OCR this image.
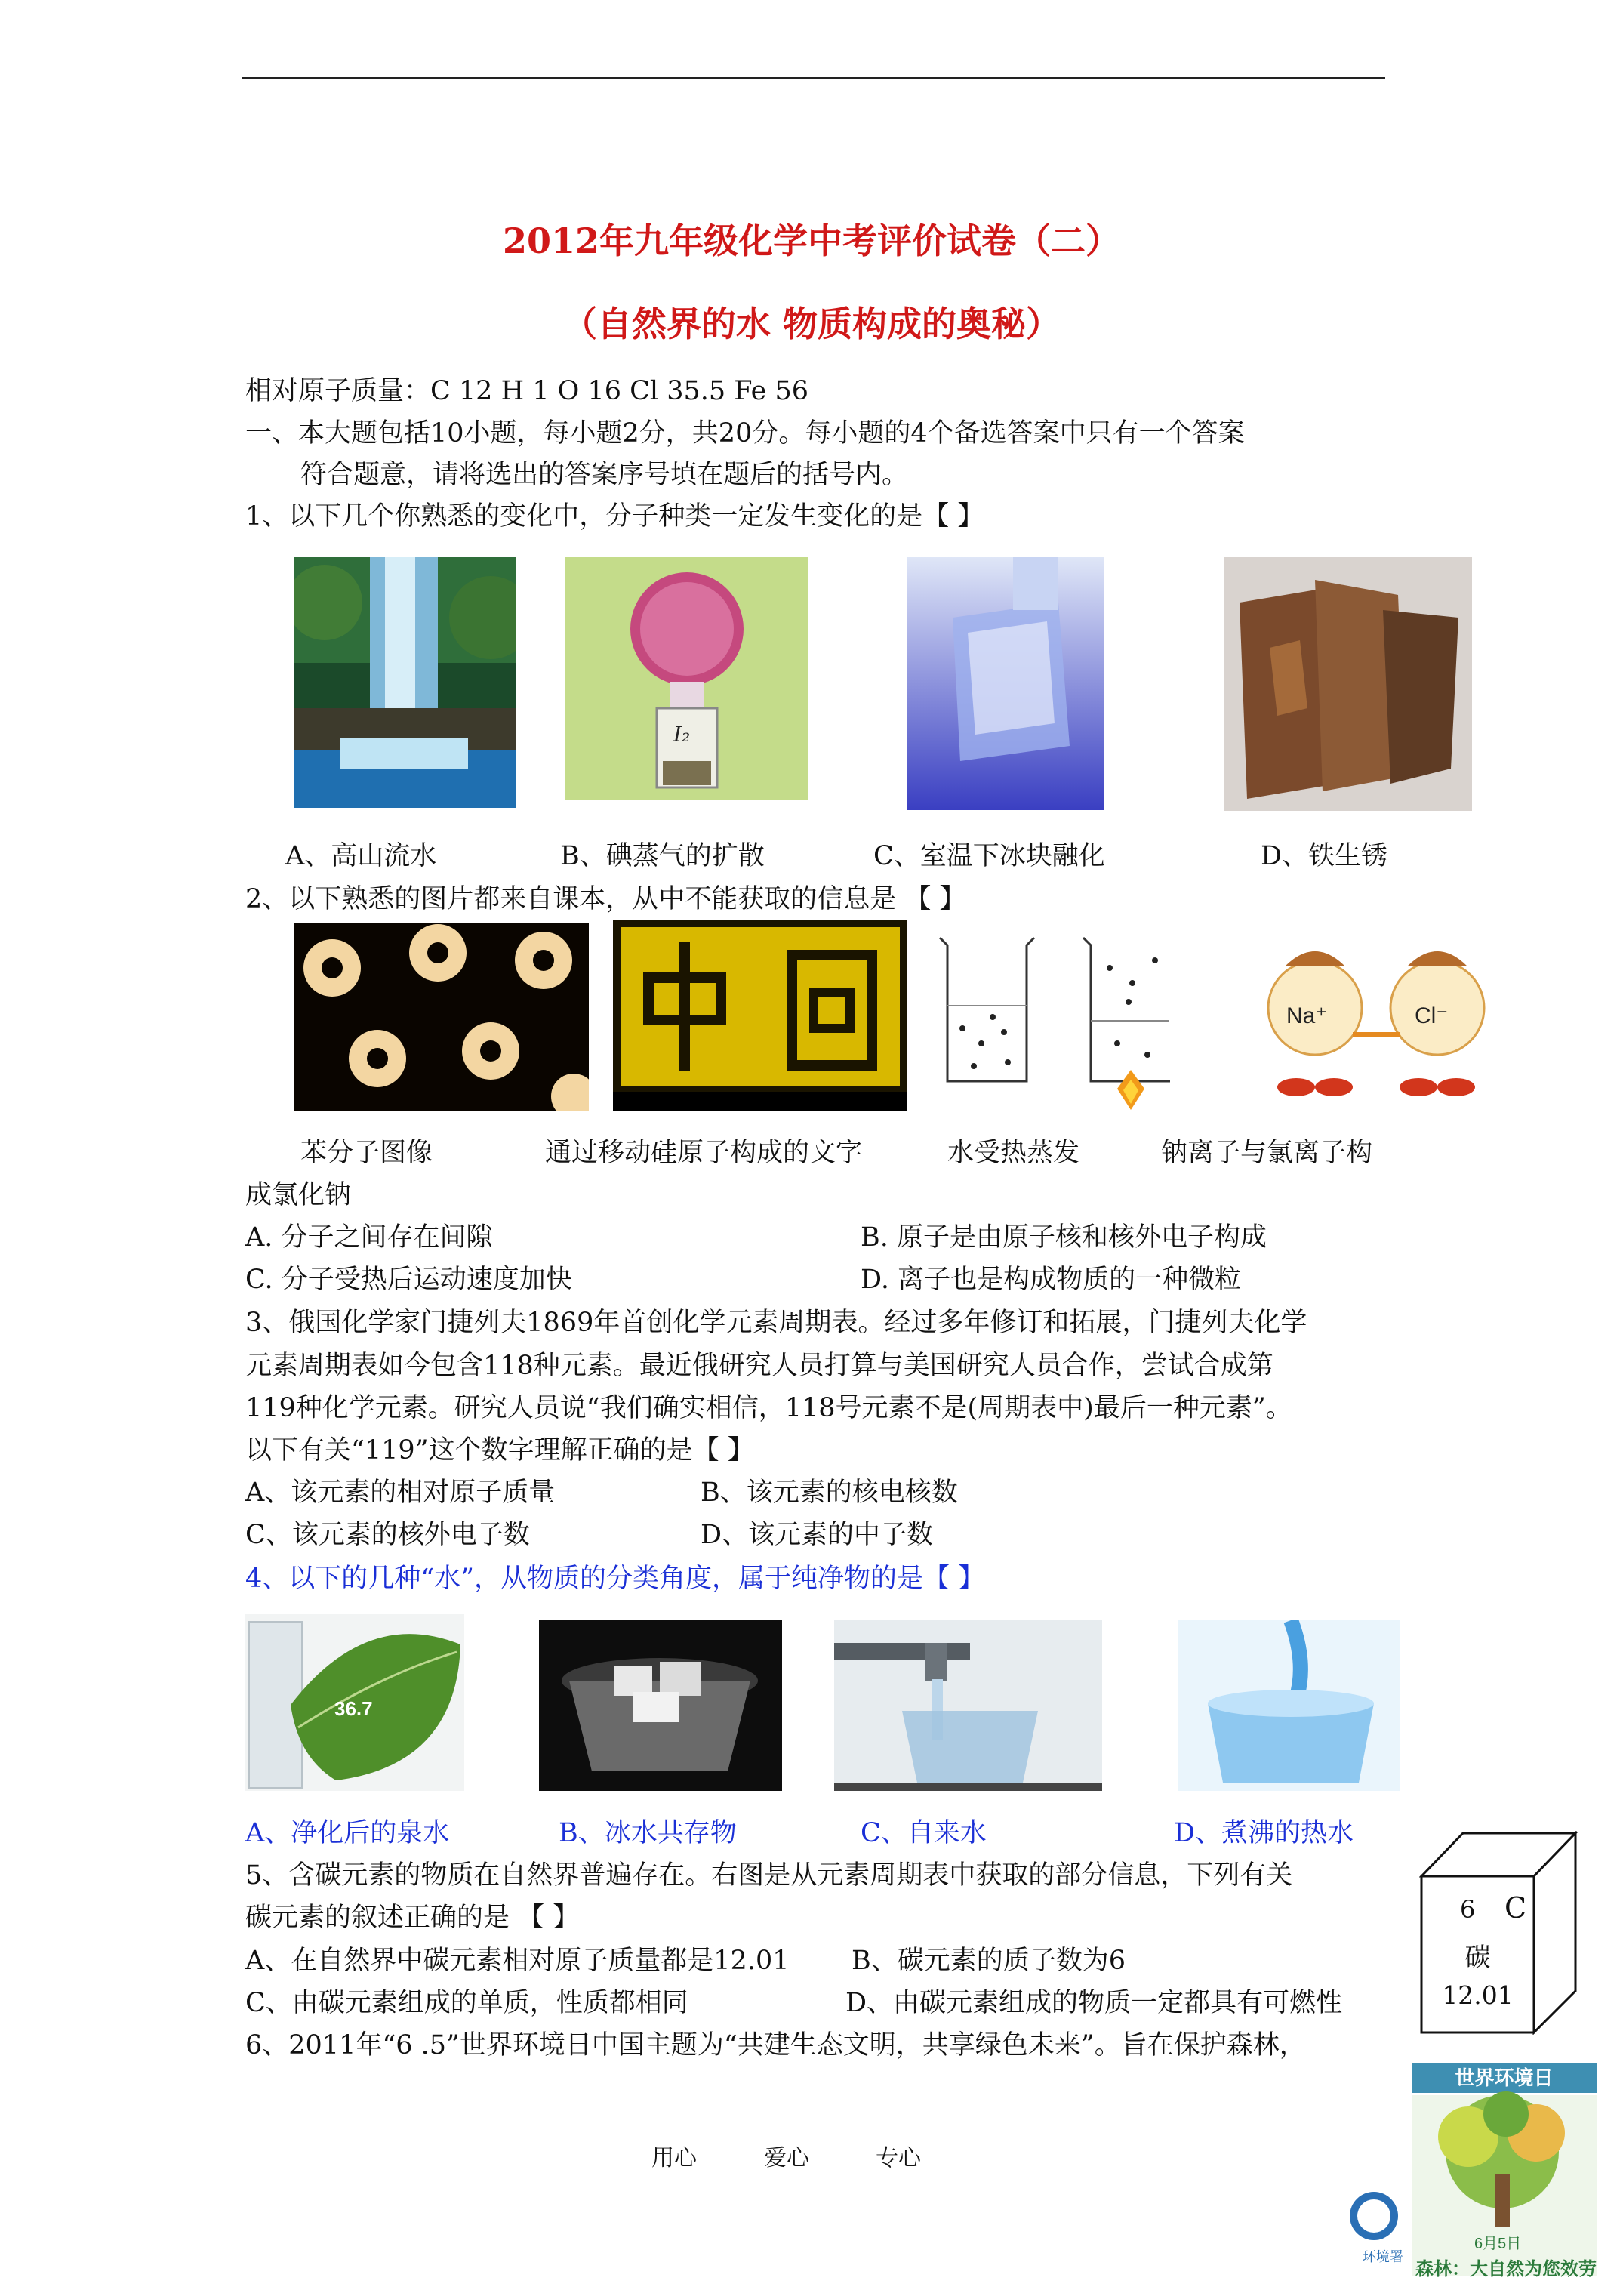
2012年九年级化学中考评价试卷（二）
（自然界的水 物质构成的奥秘）
相对原子质量：C 12 H 1 O 16 Cl 35.5 Fe 56
一、本大题包括10小题，每小题2分，共20分。每小题的4个备选答案中只有一个答案
符合题意，请将选出的答案序号填在题后的括号内。
1、以下几个你熟悉的变化中，分子种类一定发生变化的是【 】
I₂
A、高山流水	B、碘蒸气的扩散	C、室温下冰块融化	D、铁生锈
2、以下熟悉的图片都来自课本，从中不能获取的信息是 【 】
Na⁺	Cl⁻
苯分子图像	通过移动硅原子构成的文字	水受热蒸发	钠离子与氯离子构
成氯化钠
A. 分子之间存在间隙	B. 原子是由原子核和核外电子构成
C. 分子受热后运动速度加快	D. 离子也是构成物质的一种微粒
3、俄国化学家门捷列夫1869年首创化学元素周期表。经过多年修订和拓展，门捷列夫化学
元素周期表如今包含118种元素。最近俄研究人员打算与美国研究人员合作，尝试合成第
119种化学元素。研究人员说“我们确实相信，118号元素不是(周期表中)最后一种元素”。
以下有关“119”这个数字理解正确的是【 】
A、该元素的相对原子质量	B、该元素的核电核数
C、该元素的核外电子数	D、该元素的中子数
4、以下的几种“水”，从物质的分类角度，属于纯净物的是【 】
36.7
A、净化后的泉水	B、冰水共存物	C、自来水	D、煮沸的热水
5、含碳元素的物质在自然界普遍存在。右图是从元素周期表中获取的部分信息，下列有关
碳元素的叙述正确的是 【 】
A、在自然界中碳元素相对原子质量都是12.01 B、碳元素的质子数为6
C、由碳元素组成的单质，性质都相同	D、由碳元素组成的物质一定都具有可燃性
6 C
碳
12.01
6、2011年“6 .5”世界环境日中国主题为“共建生态文明，共享绿色未来”。旨在保护森林，
世界环境日
环境署
6月5日
森林：大自然为您效劳
用心	爱心	专心
